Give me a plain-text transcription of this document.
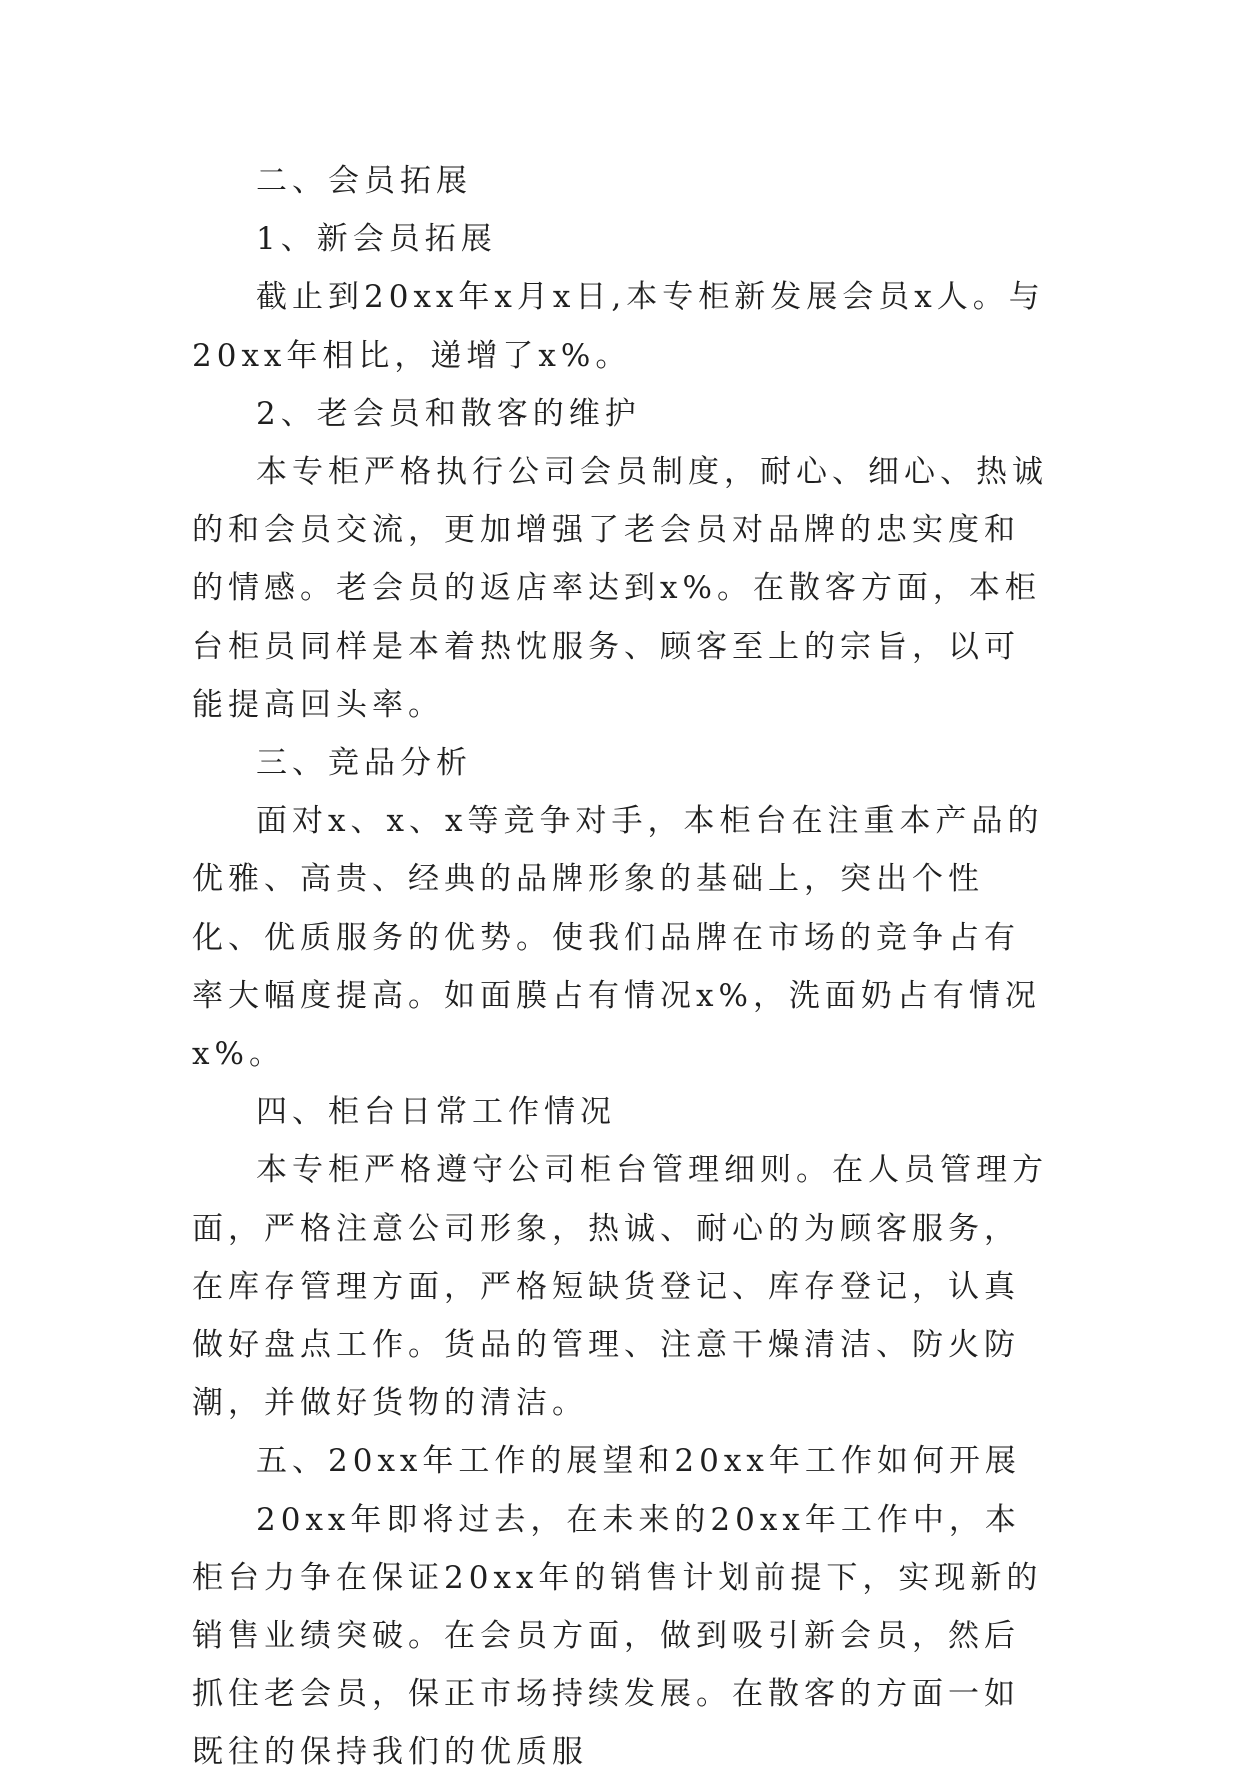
二、会员拓展

1、新会员拓展

截止到20xx年x月x日,本专柜新发展会员x人。与20xx年相比，递增了x%。

2、老会员和散客的维护

本专柜严格执行公司会员制度，耐心、细心、热诚的和会员交流，更加增强了老会员对品牌的忠实度和的情感。老会员的返店率达到x%。在散客方面，本柜台柜员同样是本着热忱服务、顾客至上的宗旨，以可能提高回头率。

三、竞品分析

面对x、x、x等竞争对手，本柜台在注重本产品的优雅、高贵、经典的品牌形象的基础上，突出个性化、优质服务的优势。使我们品牌在市场的竞争占有率大幅度提高。如面膜占有情况x%，洗面奶占有情况x%。

四、柜台日常工作情况

本专柜严格遵守公司柜台管理细则。在人员管理方面，严格注意公司形象，热诚、耐心的为顾客服务，在库存管理方面，严格短缺货登记、库存登记，认真做好盘点工作。货品的管理、注意干燥清洁、防火防潮，并做好货物的清洁。

五、20xx年工作的展望和20xx年工作如何开展

20xx年即将过去，在未来的20xx年工作中，本柜台力争在保证20xx年的销售计划前提下，实现新的销售业绩突破。在会员方面，做到吸引新会员，然后抓住老会员，保正市场持续发展。在散客的方面一如既往的保持我们的优质服
